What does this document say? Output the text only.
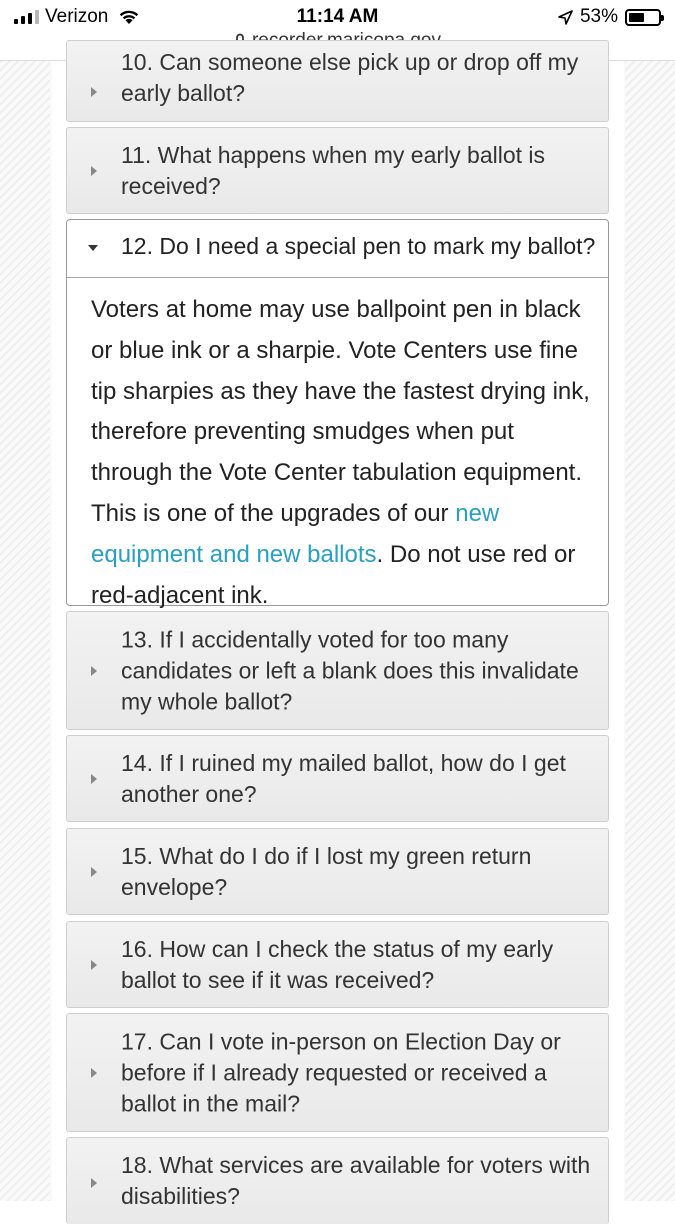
Verizon	11:14 AM	53%
10. Can someone else pick up or drop off my early ballot?
11. What happens when my early ballot is received?
12. Do I need a special pen to mark my ballot?
Voters at home may use ballpoint pen in black or blue ink or a sharpie. Vote Centers use fine tip sharpies as they have the fastest drying ink, therefore preventing smudges when put through the Vote Center tabulation equipment. This is one of the upgrades of our new equipment and new ballots. Do not use red or red-adjacent ink.
13. If I accidentally voted for too many candidates or left a blank does this invalidate my whole ballot?
14. If I ruined my mailed ballot, how do I get another one?
15. What do I do if I lost my green return envelope?
16. How can I check the status of my early ballot to see if it was received?
17. Can I vote in-person on Election Day or before if I already requested or received a ballot in the mail?
18. What services are available for voters with disabilities?
